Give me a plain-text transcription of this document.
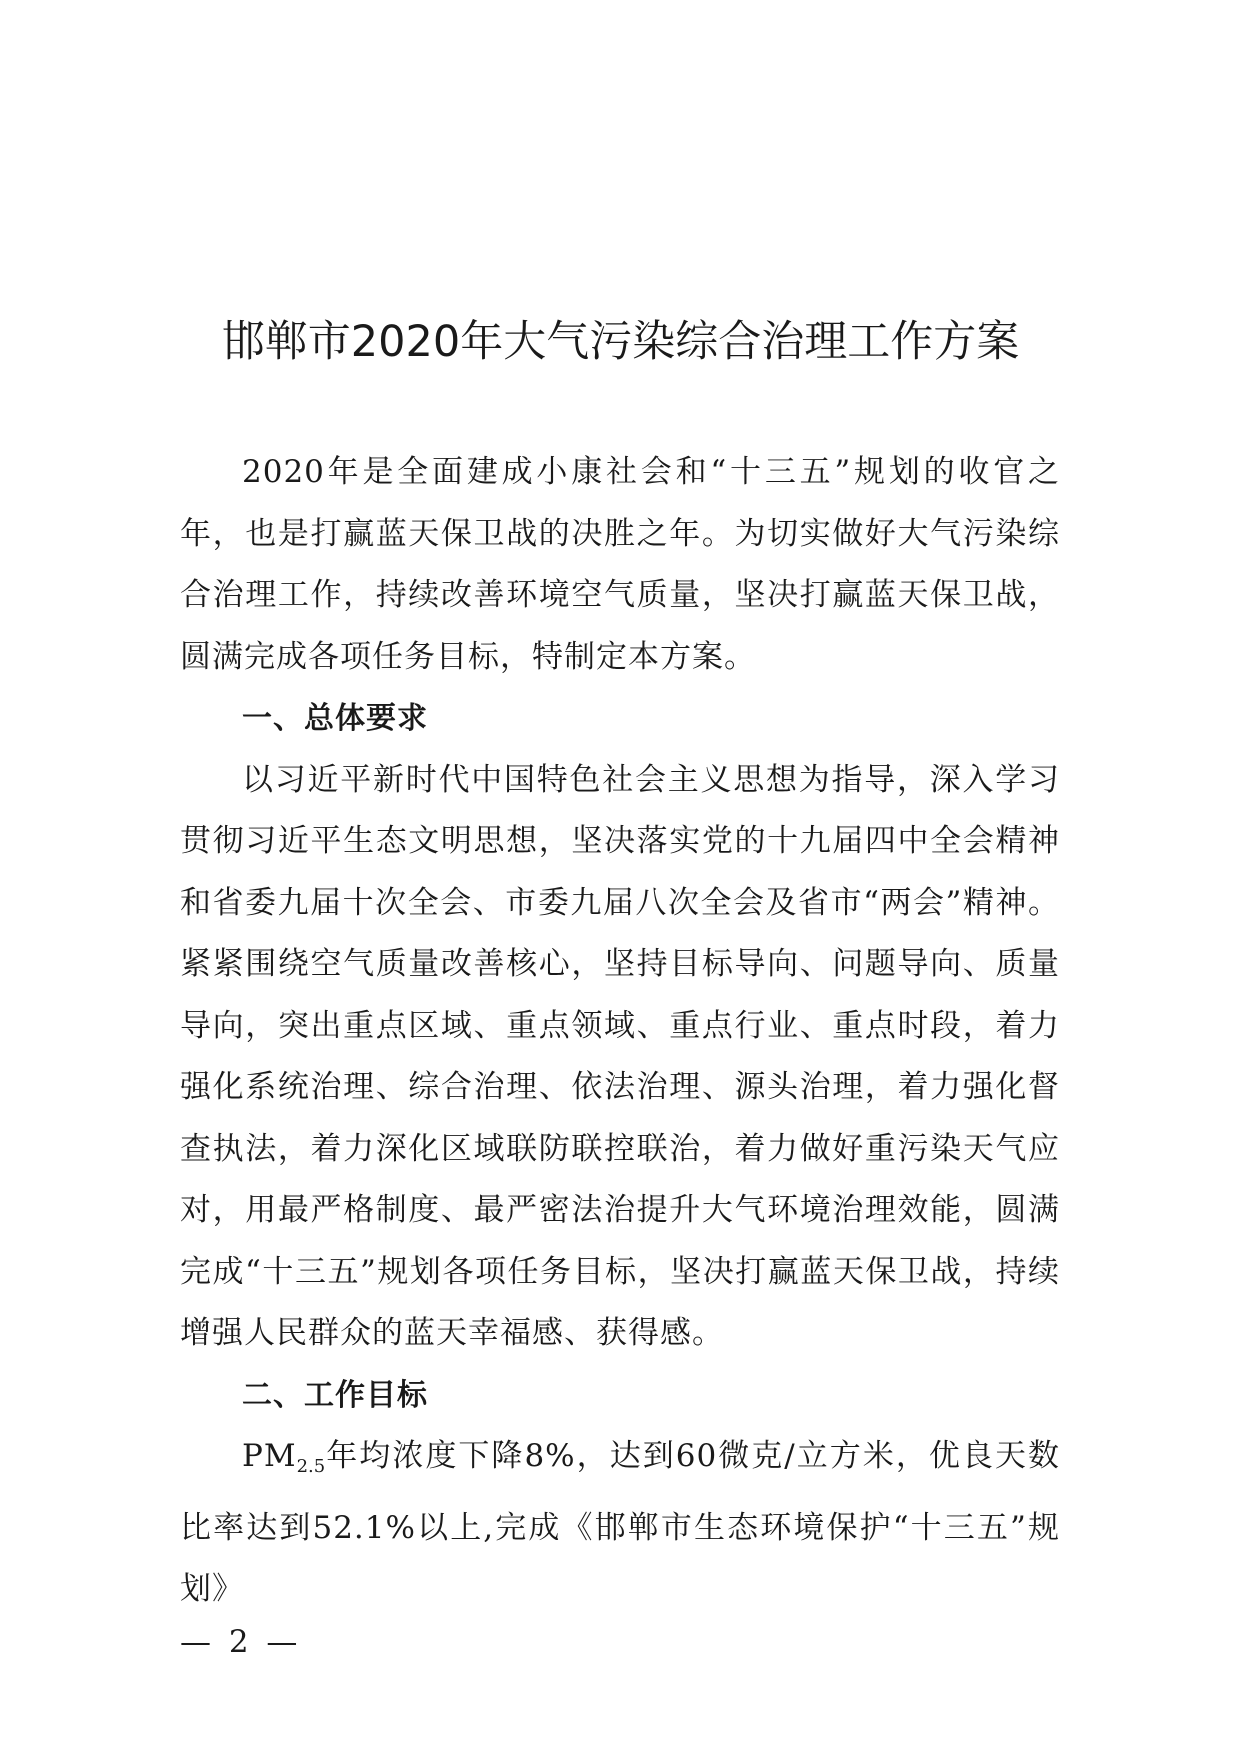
邯郸市2020年大气污染综合治理工作方案

2020年是全面建成小康社会和“十三五”规划的收官之年，也是打赢蓝天保卫战的决胜之年。为切实做好大气污染综合治理工作，持续改善环境空气质量，坚决打赢蓝天保卫战，圆满完成各项任务目标，特制定本方案。

一、总体要求

以习近平新时代中国特色社会主义思想为指导，深入学习贯彻习近平生态文明思想，坚决落实党的十九届四中全会精神和省委九届十次全会、市委九届八次全会及省市“两会”精神。紧紧围绕空气质量改善核心，坚持目标导向、问题导向、质量导向，突出重点区域、重点领域、重点行业、重点时段，着力强化系统治理、综合治理、依法治理、源头治理，着力强化督查执法，着力深化区域联防联控联治，着力做好重污染天气应对，用最严格制度、最严密法治提升大气环境治理效能，圆满完成“十三五”规划各项任务目标，坚决打赢蓝天保卫战，持续增强人民群众的蓝天幸福感、获得感。

二、工作目标

$PM_{2.5}$年均浓度下降8%，达到60微克/立方米，优良天数比率达到52.1%以上,完成《邯郸市生态环境保护“十三五”规划》

— 2 —
